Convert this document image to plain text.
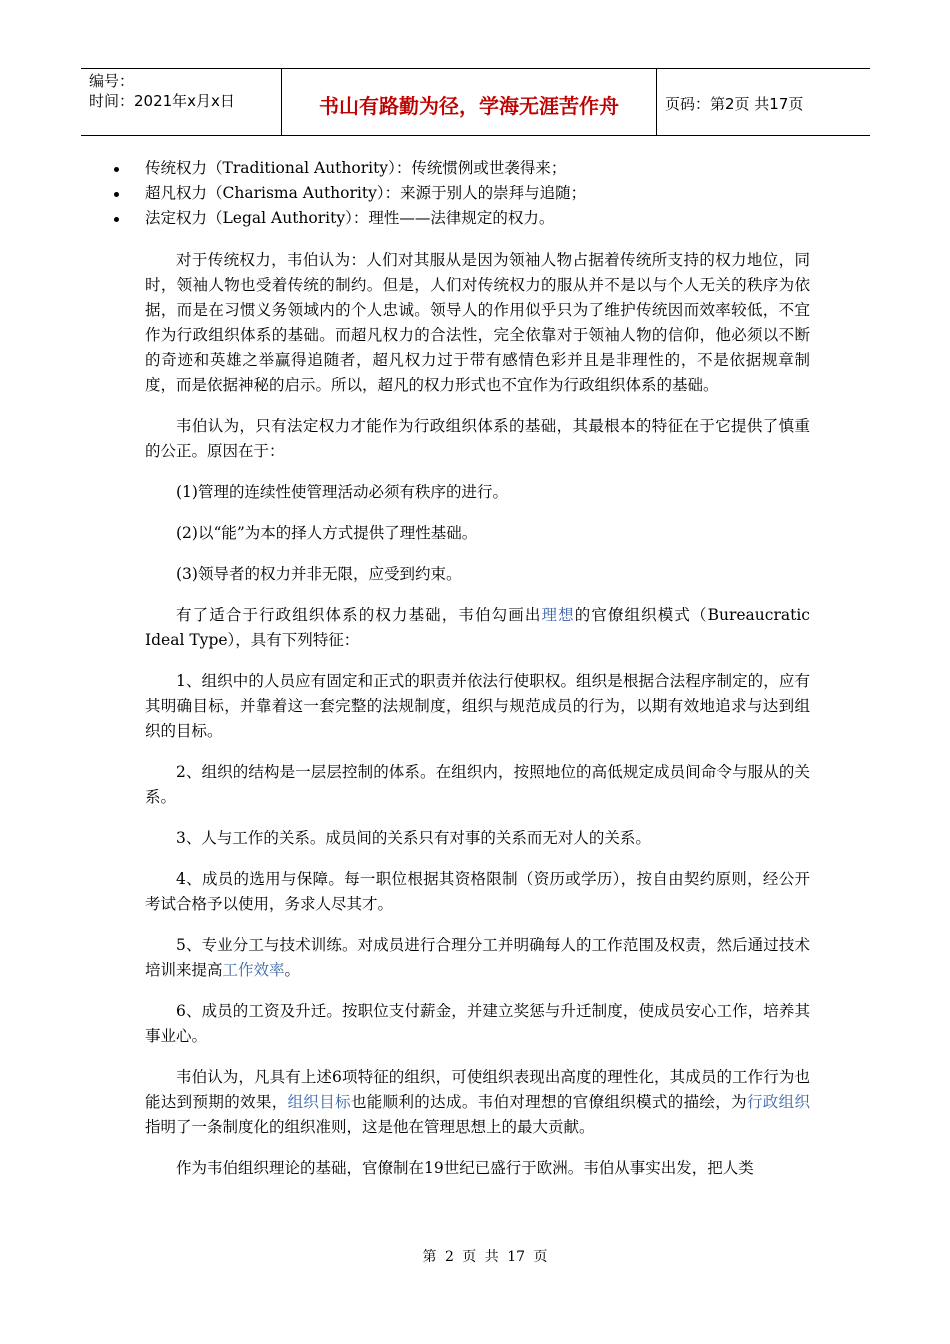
编号：
时间：2021年x月x日	书山有路勤为径，学海无涯苦作舟	页码：第2页 共17页
传统权力（Traditional Authority）：传统惯例或世袭得来；
超凡权力（Charisma Authority）：来源于别人的崇拜与追随；
法定权力（Legal Authority）：理性——法律规定的权力。

对于传统权力，韦伯认为：人们对其服从是因为领袖人物占据着传统所支持的权力地位，同时，领袖人物也受着传统的制约。但是，人们对传统权力的服从并不是以与个人无关的秩序为依据，而是在习惯义务领域内的个人忠诚。领导人的作用似乎只为了维护传统因而效率较低，不宜作为行政组织体系的基础。而超凡权力的合法性，完全依靠对于领袖人物的信仰，他必须以不断的奇迹和英雄之举赢得追随者，超凡权力过于带有感情色彩并且是非理性的，不是依据规章制度，而是依据神秘的启示。所以，超凡的权力形式也不宜作为行政组织体系的基础。

韦伯认为，只有法定权力才能作为行政组织体系的基础，其最根本的特征在于它提供了慎重的公正。原因在于：

(1)管理的连续性使管理活动必须有秩序的进行。

(2)以“能”为本的择人方式提供了理性基础。

(3)领导者的权力并非无限，应受到约束。

有了适合于行政组织体系的权力基础，韦伯勾画出理想的官僚组织模式（Bureaucratic Ideal Type），具有下列特征：

1、组织中的人员应有固定和正式的职责并依法行使职权。组织是根据合法程序制定的，应有其明确目标，并靠着这一套完整的法规制度，组织与规范成员的行为，以期有效地追求与达到组织的目标。

2、组织的结构是一层层控制的体系。在组织内，按照地位的高低规定成员间命令与服从的关系。

3、人与工作的关系。成员间的关系只有对事的关系而无对人的关系。

4、成员的选用与保障。每一职位根据其资格限制（资历或学历），按自由契约原则，经公开考试合格予以使用，务求人尽其才。

5、专业分工与技术训练。对成员进行合理分工并明确每人的工作范围及权责，然后通过技术培训来提高工作效率。

6、成员的工资及升迁。按职位支付薪金，并建立奖惩与升迁制度，使成员安心工作，培养其事业心。

韦伯认为，凡具有上述6项特征的组织，可使组织表现出高度的理性化，其成员的工作行为也能达到预期的效果，组织目标也能顺利的达成。韦伯对理想的官僚组织模式的描绘，为行政组织指明了一条制度化的组织准则，这是他在管理思想上的最大贡献。

作为韦伯组织理论的基础，官僚制在19世纪已盛行于欧洲。韦伯从事实出发，把人类

第 2 页 共 17 页
